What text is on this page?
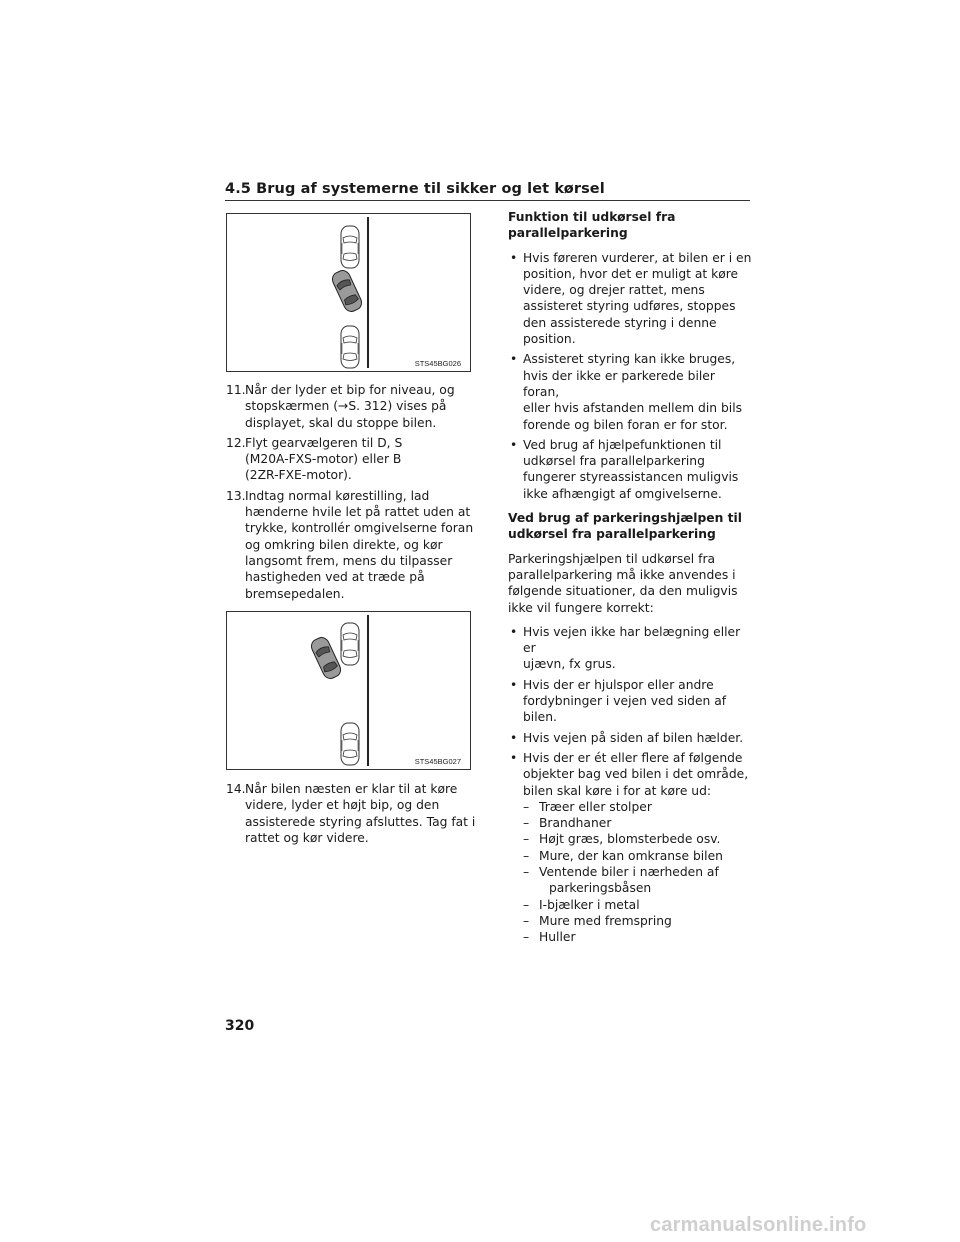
4.5 Brug af systemerne til sikker og let kørsel
STS45BG026
STS45BG027
11. Når der lyder et bip for niveau, og
stopskærmen (→S. 312) vises på
displayet, skal du stoppe bilen.
12. Flyt gearvælgeren til D, S
(M20A-FXS-motor) eller B
(2ZR-FXE-motor).
13. Indtag normal kørestilling, lad
hænderne hvile let på rattet uden at
trykke, kontrollér omgivelserne foran
og omkring bilen direkte, og kør
langsomt frem, mens du tilpasser
hastigheden ved at træde på
bremsepedalen.
14. Når bilen næsten er klar til at køre
videre, lyder et højt bip, og den
assisterede styring afsluttes. Tag fat i
rattet og kør videre.
Funktion til udkørsel fra
parallelparkering
• Hvis føreren vurderer, at bilen er i en
position, hvor det er muligt at køre
videre, og drejer rattet, mens
assisteret styring udføres, stoppes
den assisterede styring i denne
position.
• Assisteret styring kan ikke bruges,
hvis der ikke er parkerede biler foran,
eller hvis afstanden mellem din bils
forende og bilen foran er for stor.
• Ved brug af hjælpefunktionen til
udkørsel fra parallelparkering
fungerer styreassistancen muligvis
ikke afhængigt af omgivelserne.
Ved brug af parkeringshjælpen til
udkørsel fra parallelparkering
Parkeringshjælpen til udkørsel fra
parallelparkering må ikke anvendes i
følgende situationer, da den muligvis
ikke vil fungere korrekt:
• Hvis vejen ikke har belægning eller er
ujævn, fx grus.
• Hvis der er hjulspor eller andre
fordybninger i vejen ved siden af bilen.
• Hvis vejen på siden af bilen hælder.
• Hvis der er ét eller flere af følgende
objekter bag ved bilen i det område,
bilen skal køre i for at køre ud:
– Træer eller stolper
– Brandhaner
– Højt græs, blomsterbede osv.
– Mure, der kan omkranse bilen
– Ventende biler i nærheden af
parkeringsbåsen
– I-bjælker i metal
– Mure med fremspring
– Huller
320
carmanualsonline.info
